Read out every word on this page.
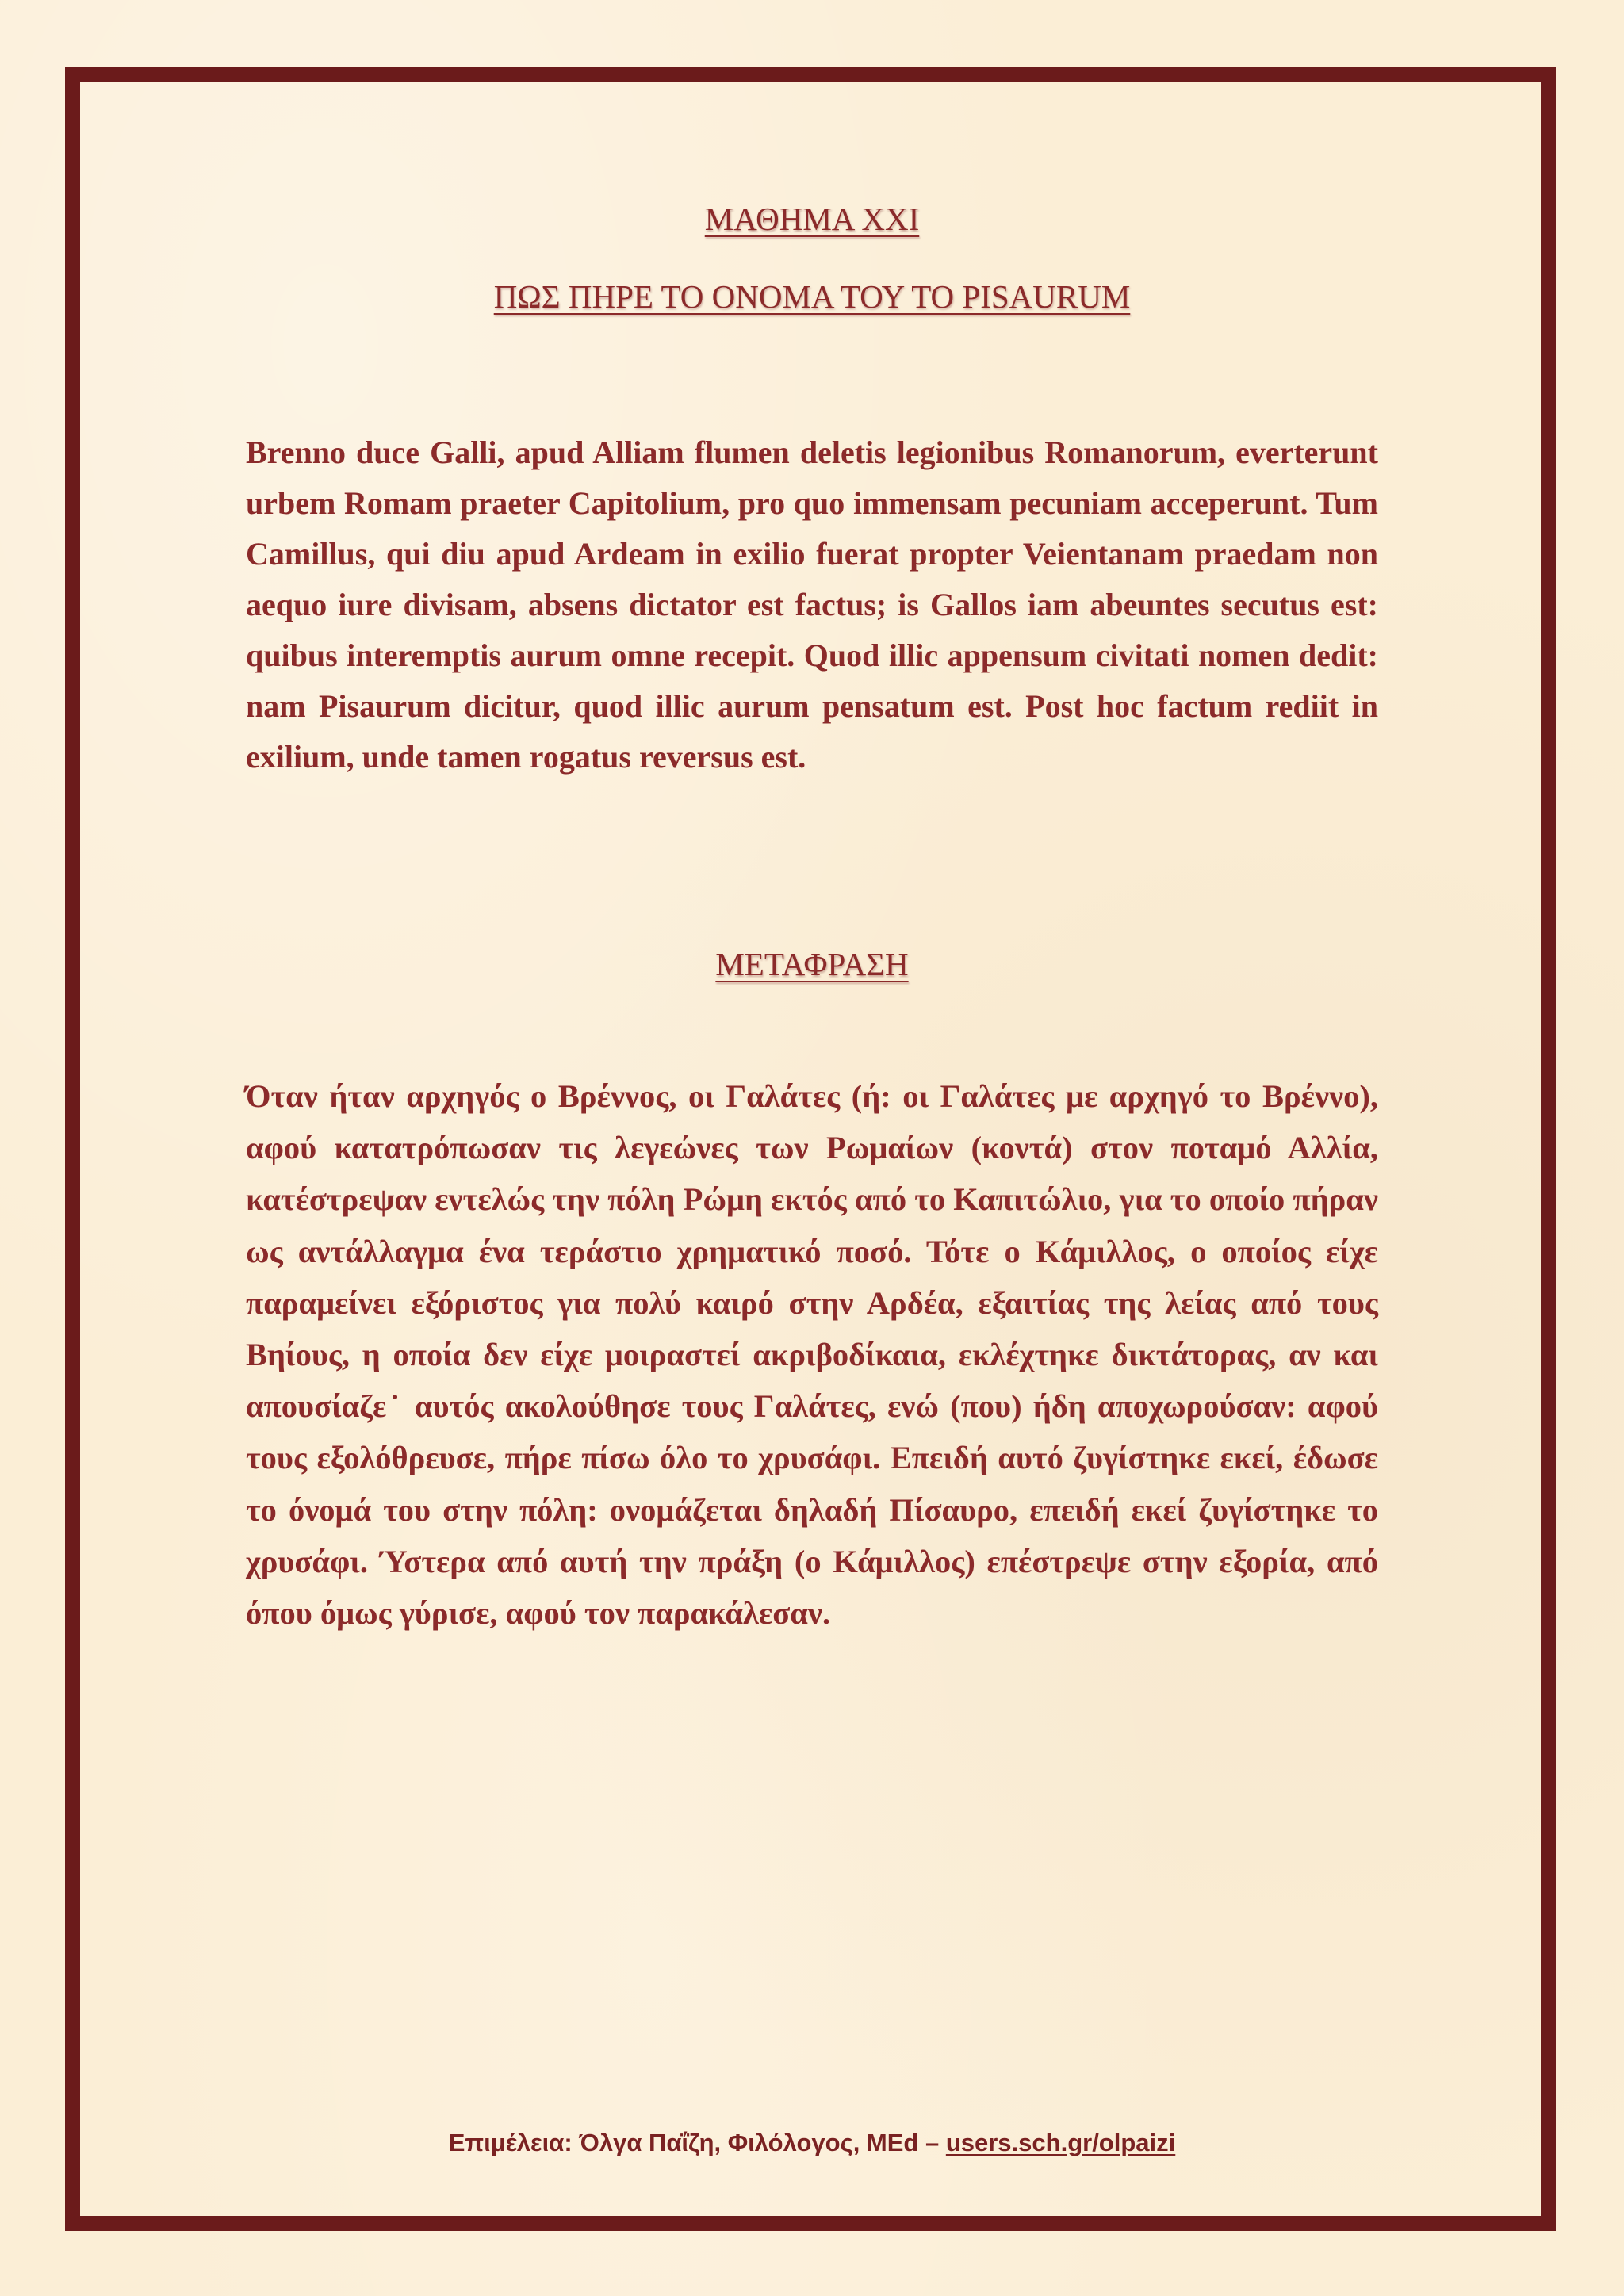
ΜΑΘΗΜΑ XXI
ΠΩΣ ΠΗΡΕ ΤΟ ΟΝΟΜΑ ΤΟΥ ΤΟ PISAURUM

Brenno duce Galli, apud Alliam flumen deletis legionibus Romanorum, everterunt urbem Romam praeter Capitolium, pro quo immensam pecuniam acceperunt. Tum Camillus, qui diu apud Ardeam in exilio fuerat propter Veientanam praedam non aequo iure divisam, absens dictator est factus; is Gallos iam abeuntes secutus est: quibus interemptis aurum omne recepit. Quod illic appensum civitati nomen dedit: nam Pisaurum dicitur, quod illic aurum pensatum est. Post hoc factum rediit in exilium, unde tamen rogatus reversus est.

ΜΕΤΑΦΡΑΣΗ

Όταν ήταν αρχηγός ο Βρέννος, οι Γαλάτες (ή: οι Γαλάτες με αρχηγό το Βρέννο), αφού κατατρόπωσαν τις λεγεώνες των Ρωμαίων (κοντά) στον ποταμό Αλλία, κατέστρεψαν εντελώς την πόλη Ρώμη εκτός από το Καπιτώλιο, για το οποίο πήραν ως αντάλλαγμα ένα τεράστιο χρηματικό ποσό. Τότε ο Κάμιλλος, ο οποίος είχε παραμείνει εξόριστος για πολύ καιρό στην Αρδέα, εξαιτίας της λείας από τους Βηίους, η οποία δεν είχε μοιραστεί ακριβοδίκαια, εκλέχτηκε δικτάτορας, αν και απουσίαζε˙ αυτός ακολούθησε τους Γαλάτες, ενώ (που) ήδη αποχωρούσαν: αφού τους εξολόθρευσε, πήρε πίσω όλο το χρυσάφι. Επειδή αυτό ζυγίστηκε εκεί, έδωσε το όνομά του στην πόλη: ονομάζεται δηλαδή Πίσαυρο, επειδή εκεί ζυγίστηκε το χρυσάφι. Ύστερα από αυτή την πράξη (ο Κάμιλλος) επέστρεψε στην εξορία, από όπου όμως γύρισε, αφού τον παρακάλεσαν.

Επιμέλεια: Όλγα Παΐζη, Φιλόλογος, MEd – users.sch.gr/olpaizi
